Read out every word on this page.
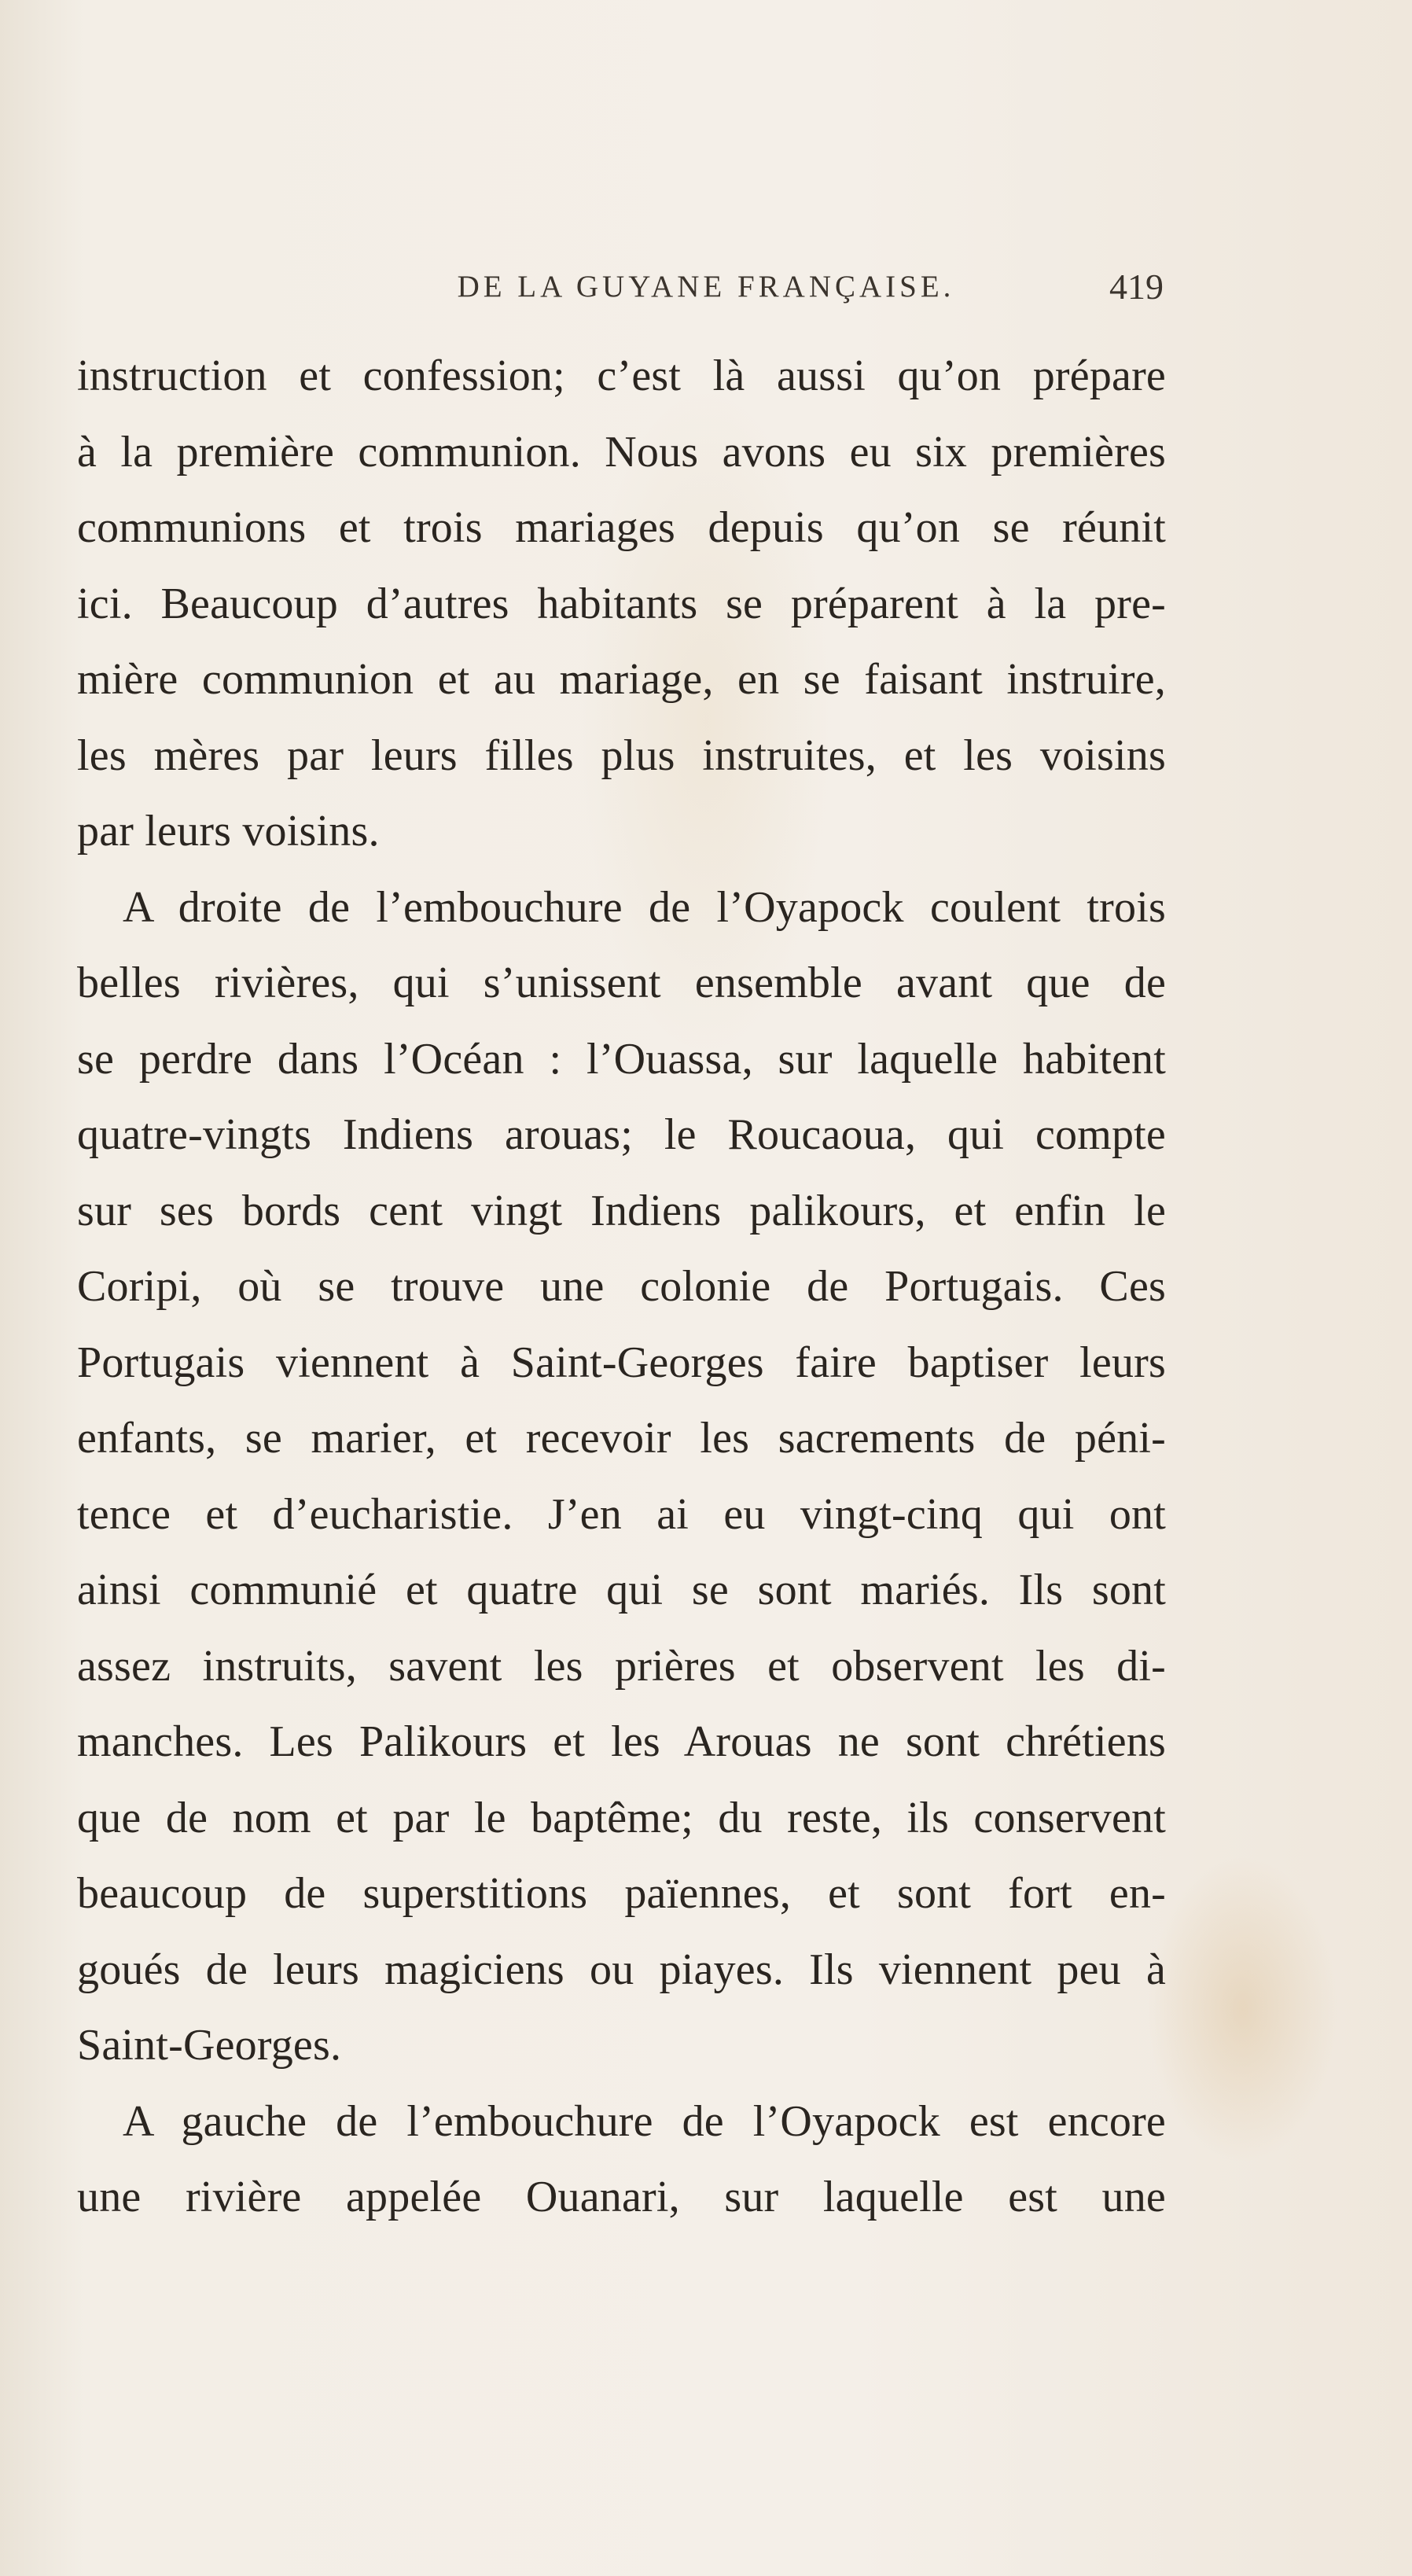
DE LA GUYANE FRANÇAISE.	419
instruction et confession; c’est là aussi qu’on prépare
à la première communion. Nous avons eu six premières
communions et trois mariages depuis qu’on se réunit
ici. Beaucoup d’autres habitants se préparent à la pre-
mière communion et au mariage, en se faisant instruire,
les mères par leurs filles plus instruites, et les voisins
par leurs voisins.
A droite de l’embouchure de l’Oyapock coulent trois
belles rivières, qui s’unissent ensemble avant que de
se perdre dans l’Océan : l’Ouassa, sur laquelle habitent
quatre-vingts Indiens arouas; le Roucaoua, qui compte
sur ses bords cent vingt Indiens palikours, et enfin le
Coripi, où se trouve une colonie de Portugais. Ces
Portugais viennent à Saint-Georges faire baptiser leurs
enfants, se marier, et recevoir les sacrements de péni-
tence et d’eucharistie. J’en ai eu vingt-cinq qui ont
ainsi communié et quatre qui se sont mariés. Ils sont
assez instruits, savent les prières et observent les di-
manches. Les Palikours et les Arouas ne sont chrétiens
que de nom et par le baptême; du reste, ils conservent
beaucoup de superstitions païennes, et sont fort en-
goués de leurs magiciens ou piayes. Ils viennent peu à
Saint-Georges.
A gauche de l’embouchure de l’Oyapock est encore
une rivière appelée Ouanari, sur laquelle est une
